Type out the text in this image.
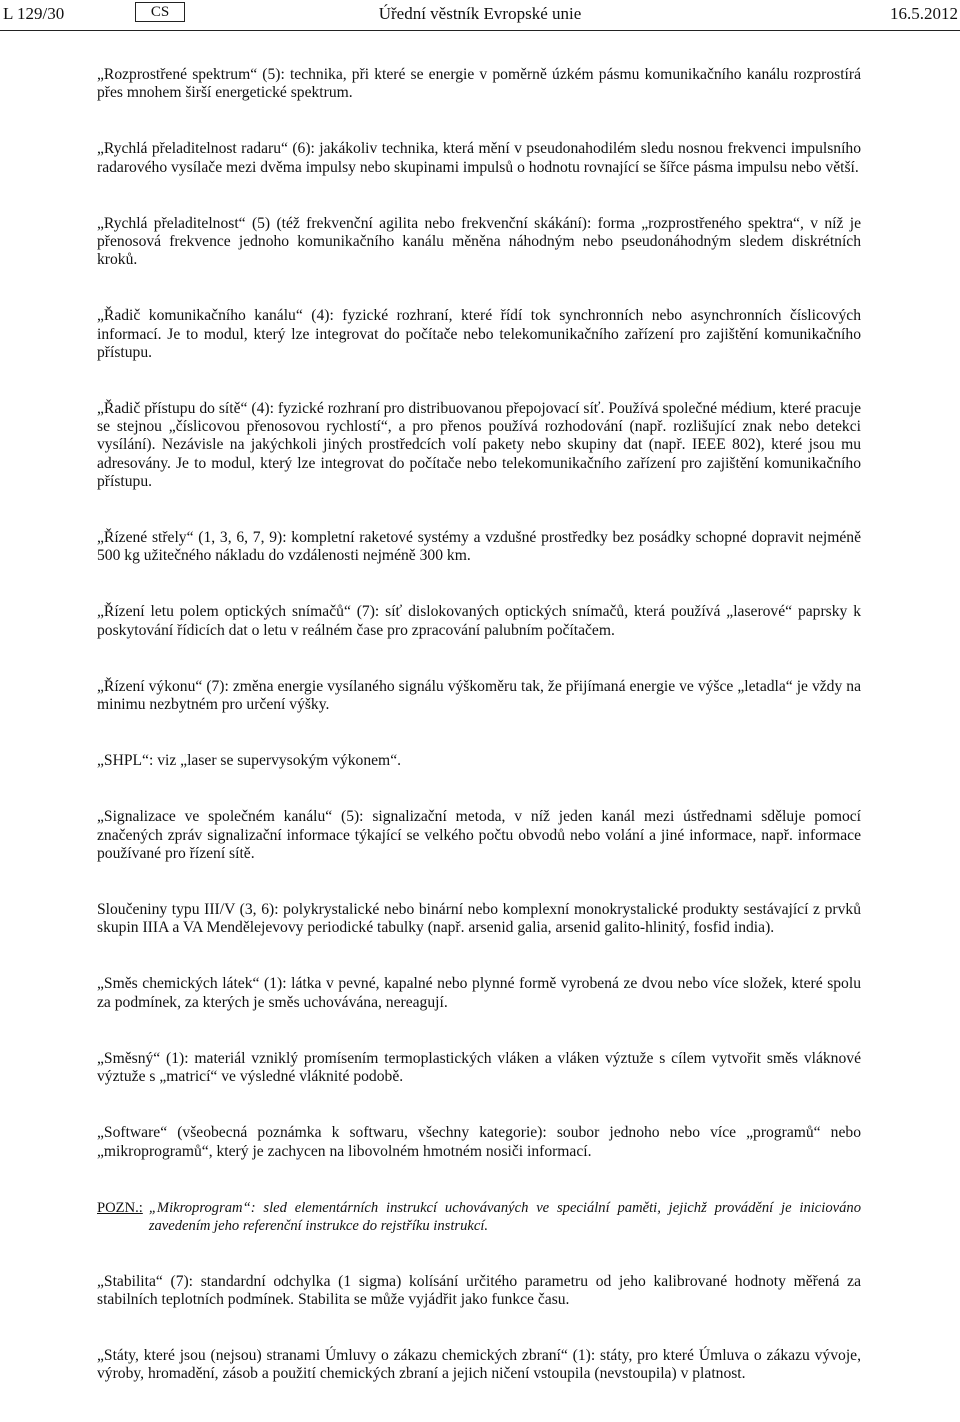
L 129/30	CS	Úřední věstník Evropské unie	16.5.2012

„Rozprostřené spektrum“ (5): technika, při které se energie v poměrně úzkém pásmu komunikačního kanálu rozprostírá přes mnohem širší energetické spektrum.

„Rychlá přeladitelnost radaru“ (6): jakákoliv technika, která mění v pseudonahodilém sledu nosnou frekvenci impulsního radarového vysílače mezi dvěma impulsy nebo skupinami impulsů o hodnotu rovnající se šířce pásma impulsu nebo větší.

„Rychlá přeladitelnost“ (5) (též frekvenční agilita nebo frekvenční skákání): forma „rozprostřeného spektra“, v níž je přenosová frekvence jednoho komunikačního kanálu měněna náhodným nebo pseudonáhodným sledem diskrétních kroků.

„Řadič komunikačního kanálu“ (4): fyzické rozhraní, které řídí tok synchronních nebo asynchronních číslicových informací. Je to modul, který lze integrovat do počítače nebo telekomunikačního zařízení pro zajištění komunikačního přístupu.

„Řadič přístupu do sítě“ (4): fyzické rozhraní pro distribuovanou přepojovací síť. Používá společné médium, které pracuje se stejnou „číslicovou přenosovou rychlostí“, a pro přenos používá rozhodování (např. rozlišující znak nebo detekci vysílání). Nezávisle na jakýchkoli jiných prostředcích volí pakety nebo skupiny dat (např. IEEE 802), které jsou mu adresovány. Je to modul, který lze integrovat do počítače nebo telekomunikačního zařízení pro zajištění komunikačního přístupu.

„Řízené střely“ (1, 3, 6, 7, 9): kompletní raketové systémy a vzdušné prostředky bez posádky schopné dopravit nejméně 500 kg užitečného nákladu do vzdálenosti nejméně 300 km.

„Řízení letu polem optických snímačů“ (7): síť dislokovaných optických snímačů, která používá „laserové“ paprsky k poskytování řídicích dat o letu v reálném čase pro zpracování palubním počítačem.

„Řízení výkonu“ (7): změna energie vysílaného signálu výškoměru tak, že přijímaná energie ve výšce „letadla“ je vždy na minimu nezbytném pro určení výšky.

„SHPL“: viz „laser se supervysokým výkonem“.

„Signalizace ve společném kanálu“ (5): signalizační metoda, v níž jeden kanál mezi ústřednami sděluje pomocí značených zpráv signalizační informace týkající se velkého počtu obvodů nebo volání a jiné informace, např. informace používané pro řízení sítě.

Sloučeniny typu III/V (3, 6): polykrystalické nebo binární nebo komplexní monokrystalické produkty sestávající z prvků skupin IIIA a VA Mendělejevovy periodické tabulky (např. arsenid galia, arsenid galito-hlinitý, fosfid india).

„Směs chemických látek“ (1): látka v pevné, kapalné nebo plynné formě vyrobená ze dvou nebo více složek, které spolu za podmínek, za kterých je směs uchovávána, nereagují.

„Směsný“ (1): materiál vzniklý promísením termoplastických vláken a vláken výztuže s cílem vytvořit směs vláknové výztuže s „matricí“ ve výsledné vláknité podobě.

„Software“ (všeobecná poznámka k softwaru, všechny kategorie): soubor jednoho nebo více „programů“ nebo „mikroprogramů“, který je zachycen na libovolném hmotném nosiči informací.

POZN.: „Mikroprogram“: sled elementárních instrukcí uchovávaných ve speciální paměti, jejichž provádění je iniciováno zavedením jeho referenční instrukce do rejstříku instrukcí.

„Stabilita“ (7): standardní odchylka (1 sigma) kolísání určitého parametru od jeho kalibrované hodnoty měřená za stabilních teplotních podmínek. Stabilita se může vyjádřit jako funkce času.

„Státy, které jsou (nejsou) stranami Úmluvy o zákazu chemických zbraní“ (1): státy, pro které Úmluva o zákazu vývoje, výroby, hromadění, zásob a použití chemických zbraní a jejich ničení vstoupila (nevstoupila) v platnost.
